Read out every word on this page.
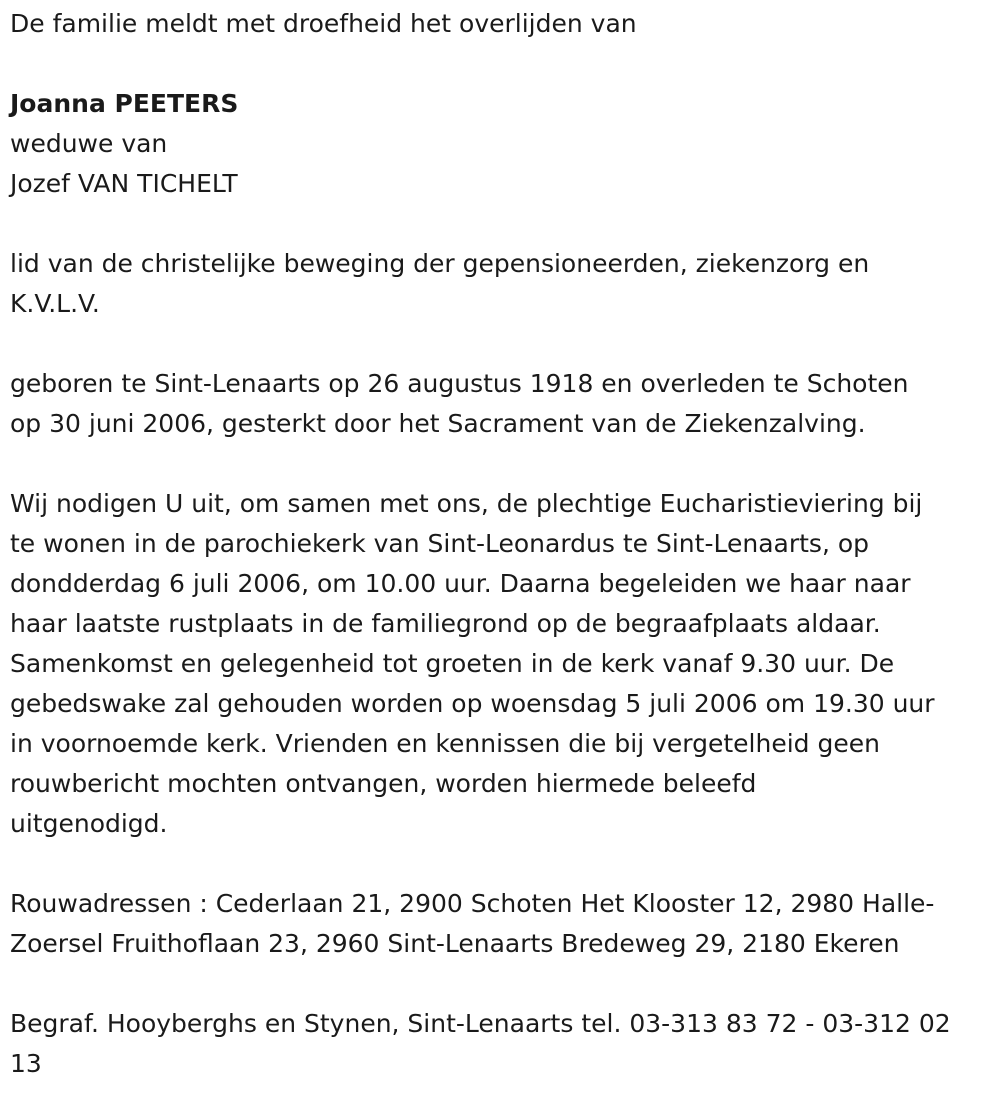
De familie meldt met droefheid het overlijden van
Joanna PEETERS
weduwe van
Jozef VAN TICHELT
lid van de christelijke beweging der gepensioneerden, ziekenzorg en
K.V.L.V.
geboren te Sint-Lenaarts op 26 augustus 1918 en overleden te Schoten
op 30 juni 2006, gesterkt door het Sacrament van de Ziekenzalving.
Wij nodigen U uit, om samen met ons, de plechtige Eucharistieviering bij
te wonen in de parochiekerk van Sint-Leonardus te Sint-Lenaarts, op
dondderdag 6 juli 2006, om 10.00 uur. Daarna begeleiden we haar naar
haar laatste rustplaats in de familiegrond op de begraafplaats aldaar.
Samenkomst en gelegenheid tot groeten in de kerk vanaf 9.30 uur. De
gebedswake zal gehouden worden op woensdag 5 juli 2006 om 19.30 uur
in voornoemde kerk. Vrienden en kennissen die bij vergetelheid geen
rouwbericht mochten ontvangen, worden hiermede beleefd
uitgenodigd.
Rouwadressen : Cederlaan 21, 2900 Schoten Het Klooster 12, 2980 Halle-
Zoersel Fruithoflaan 23, 2960 Sint-Lenaarts Bredeweg 29, 2180 Ekeren
Begraf. Hooyberghs en Stynen, Sint-Lenaarts tel. 03-313 83 72 - 03-312 02
13
